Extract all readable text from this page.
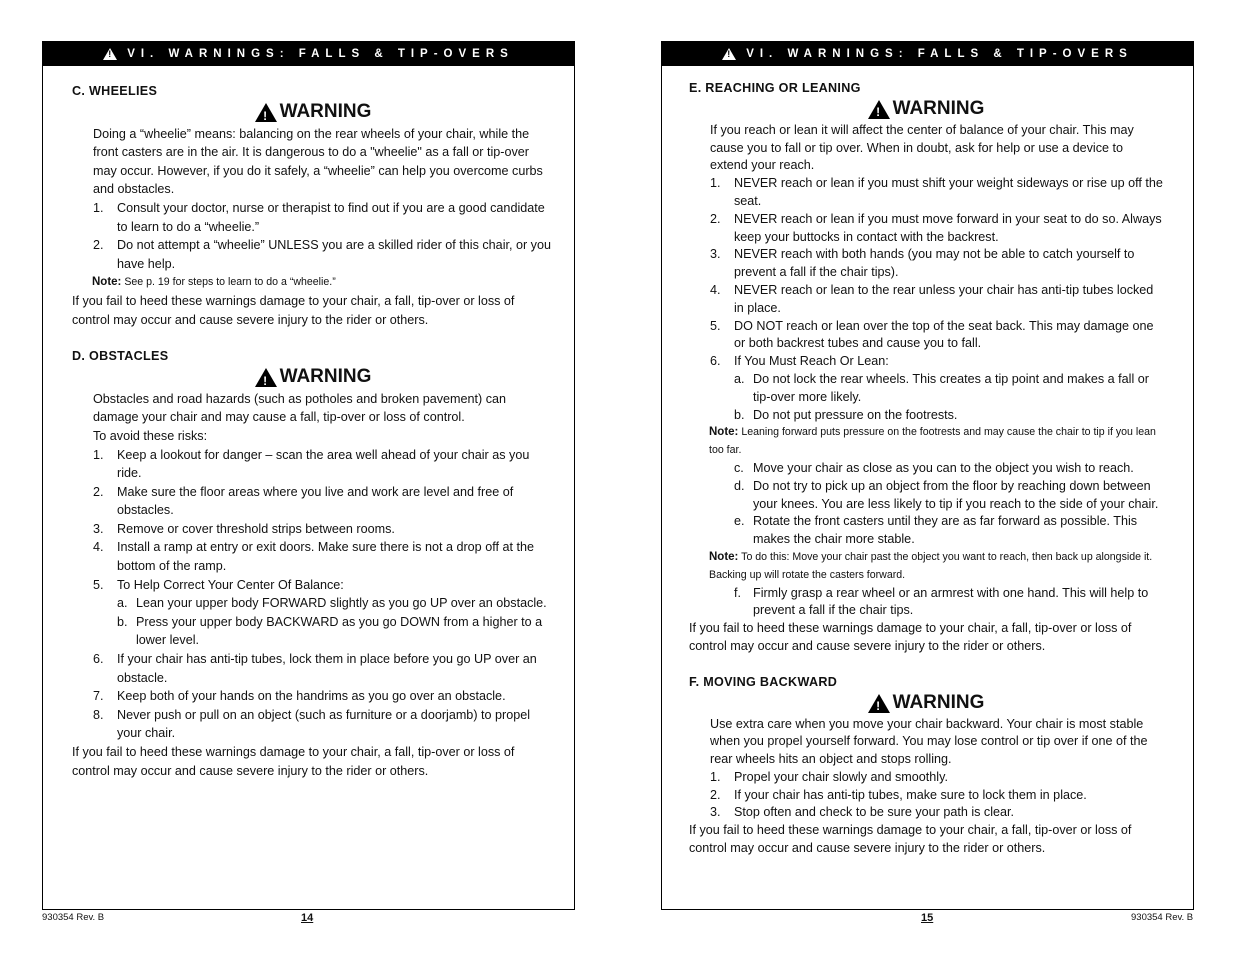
!
VI. WARNINGS: FALLS & TIP-OVERS
C. WHEELIES
!
WARNING

Doing a “wheelie” means: balancing on the rear wheels of your chair, while the front casters are in the air. It is dangerous to do a "wheelie" as a fall or tip-over may occur. However, if you do it safely, a “wheelie” can help you overcome curbs and obstacles.

1.	Consult your doctor, nurse or therapist to find out if you are a good candidate to learn to do a “wheelie.”
2.	Do not attempt a “wheelie” UNLESS you are a skilled rider of this chair, or you have help.
Note: See p. 19 for steps to learn to do a “wheelie.”

If you fail to heed these warnings damage to your chair, a fall, tip-over or loss of control may occur and cause severe injury to the rider or others.

D. OBSTACLES
!
WARNING

Obstacles and road hazards (such as potholes and broken pavement) can damage your chair and may cause a fall, tip-over or loss of control.

To avoid these risks:

1.	Keep a lookout for danger – scan the area well ahead of your chair as you ride.
2.	Make sure the floor areas where you live and work are level and free of obstacles.
3.	Remove or cover threshold strips between rooms.
4.	Install a ramp at entry or exit doors. Make sure there is not a drop off at the bottom of the ramp.
5.	To Help Correct Your Center Of Balance:
a. Lean your upper body FORWARD slightly as you go UP over an obstacle.
b. Press your upper body BACKWARD as you go DOWN from a higher to a lower level.
6.	If your chair has anti-tip tubes, lock them in place before you go UP over an obstacle.
7.	Keep both of your hands on the handrims as you go over an obstacle.
8.	Never push or pull on an object (such as furniture or a doorjamb) to propel your chair.

If you fail to heed these warnings damage to your chair, a fall, tip-over or loss of control may occur and cause severe injury to the rider or others.

930354 Rev. B	14
!
VI. WARNINGS: FALLS & TIP-OVERS
E. REACHING OR LEANING
!
WARNING

If you reach or lean it will affect the center of balance of your chair. This may cause you to fall or tip over. When in doubt, ask for help or use a device to extend your reach.

1.	NEVER reach or lean if you must shift your weight sideways or rise up off the seat.
2.	NEVER reach or lean if you must move forward in your seat to do so. Always keep your buttocks in contact with the backrest.
3.	NEVER reach with both hands (you may not be able to catch yourself to prevent a fall if the chair tips).
4.	NEVER reach or lean to the rear unless your chair has anti-tip tubes locked in place.
5.	DO NOT reach or lean over the top of the seat back. This may damage one or both backrest tubes and cause you to fall.
6.	If You Must Reach Or Lean:
a. Do not lock the rear wheels. This creates a tip point and makes a fall or tip-over more likely.
b. Do not put pressure on the footrests.
Note: Leaning forward puts pressure on the footrests and may cause the chair to tip if you lean too far.
c. Move your chair as close as you can to the object you wish to reach.
d. Do not try to pick up an object from the floor by reaching down between your knees. You are less likely to tip if you reach to the side of your chair.
e. Rotate the front casters until they are as far forward as possible. This makes the chair more stable.
Note: To do this: Move your chair past the object you want to reach, then back up alongside it. Backing up will rotate the casters forward.
f. Firmly grasp a rear wheel or an armrest with one hand. This will help to prevent a fall if the chair tips.

If you fail to heed these warnings damage to your chair, a fall, tip-over or loss of control may occur and cause severe injury to the rider or others.

F. MOVING BACKWARD
!
WARNING

Use extra care when you move your chair backward. Your chair is most stable when you propel yourself forward. You may lose control or tip over if one of the rear wheels hits an object and stops rolling.

1.	Propel your chair slowly and smoothly.
2.	If your chair has anti-tip tubes, make sure to lock them in place.
3.	Stop often and check to be sure your path is clear.

If you fail to heed these warnings damage to your chair, a fall, tip-over or loss of control may occur and cause severe injury to the rider or others.

15	930354 Rev. B
